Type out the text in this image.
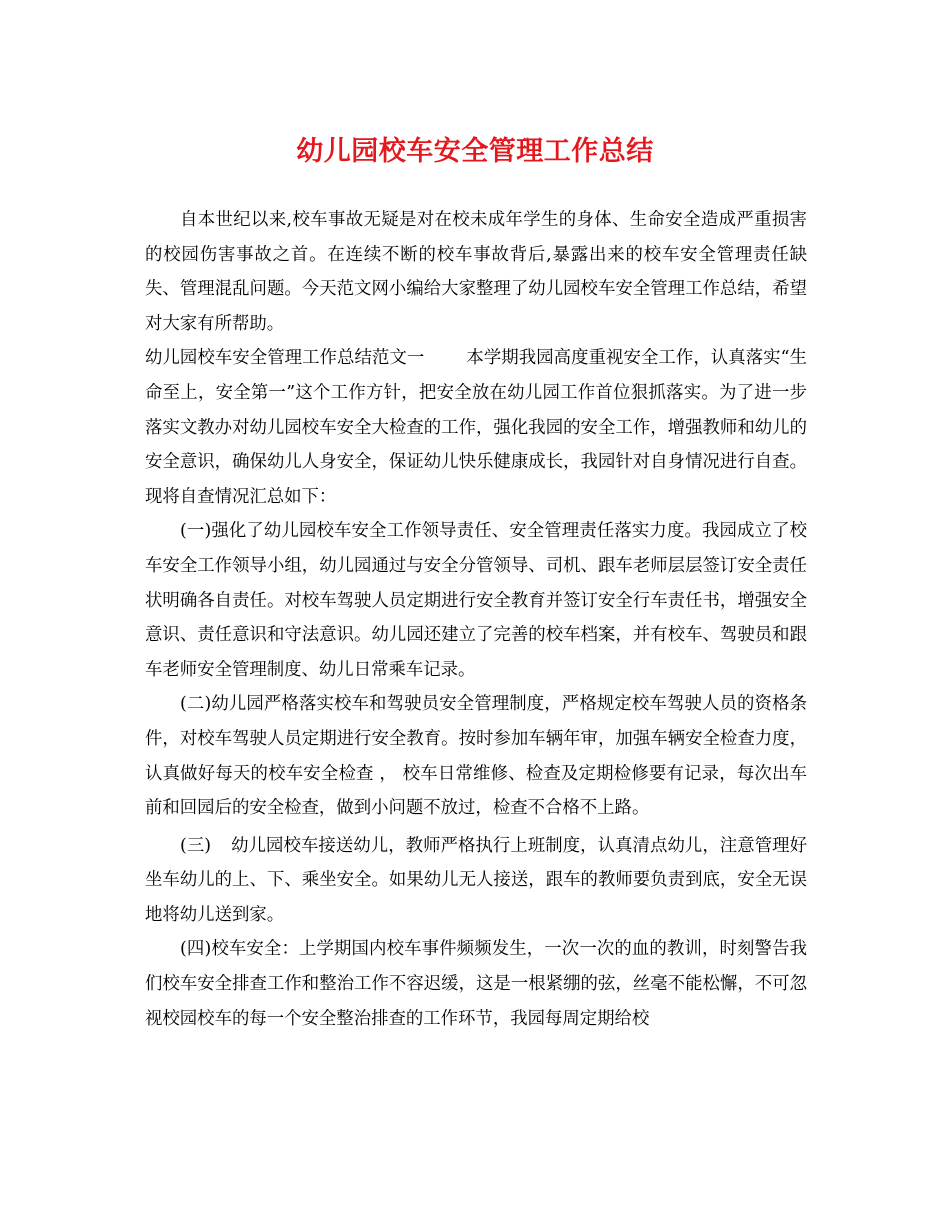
幼儿园校车安全管理工作总结

自本世纪以来,校车事故无疑是对在校未成年学生的身体、生命安全造成严重损害的校园伤害事故之首。在连续不断的校车事故背后,暴露出来的校车安全管理责任缺失、管理混乱问题。今天范文网小编给大家整理了幼儿园校车安全管理工作总结，希望对大家有所帮助。

幼儿园校车安全管理工作总结范文一 本学期我园高度重视安全工作，认真落实“生命至上，安全第一”这个工作方针，把安全放在幼儿园工作首位狠抓落实。为了进一步落实文教办对幼儿园校车安全大检查的工作，强化我园的安全工作，增强教师和幼儿的安全意识，确保幼儿人身安全，保证幼儿快乐健康成长，我园针对自身情况进行自查。现将自查情况汇总如下：

(一)强化了幼儿园校车安全工作领导责任、安全管理责任落实力度。我园成立了校车安全工作领导小组，幼儿园通过与安全分管领导、司机、跟车老师层层签订安全责任状明确各自责任。对校车驾驶人员定期进行安全教育并签订安全行车责任书，增强安全意识、责任意识和守法意识。幼儿园还建立了完善的校车档案，并有校车、驾驶员和跟车老师安全管理制度、幼儿日常乘车记录。

(二)幼儿园严格落实校车和驾驶员安全管理制度，严格规定校车驾驶人员的资格条件，对校车驾驶人员定期进行安全教育。按时参加车辆年审，加强车辆安全检查力度，认真做好每天的校车安全检查 ， 校车日常维修、检查及定期检修要有记录，每次出车前和回园后的安全检查，做到小问题不放过，检查不合格不上路。

(三) 幼儿园校车接送幼儿，教师严格执行上班制度，认真清点幼儿，注意管理好坐车幼儿的上、下、乘坐安全。如果幼儿无人接送，跟车的教师要负责到底，安全无误地将幼儿送到家。

(四)校车安全：上学期国内校车事件频频发生，一次一次的血的教训，时刻警告我们校车安全排查工作和整治工作不容迟缓，这是一根紧绷的弦，丝毫不能松懈，不可忽视校园校车的每一个安全整治排查的工作环节，我园每周定期给校
